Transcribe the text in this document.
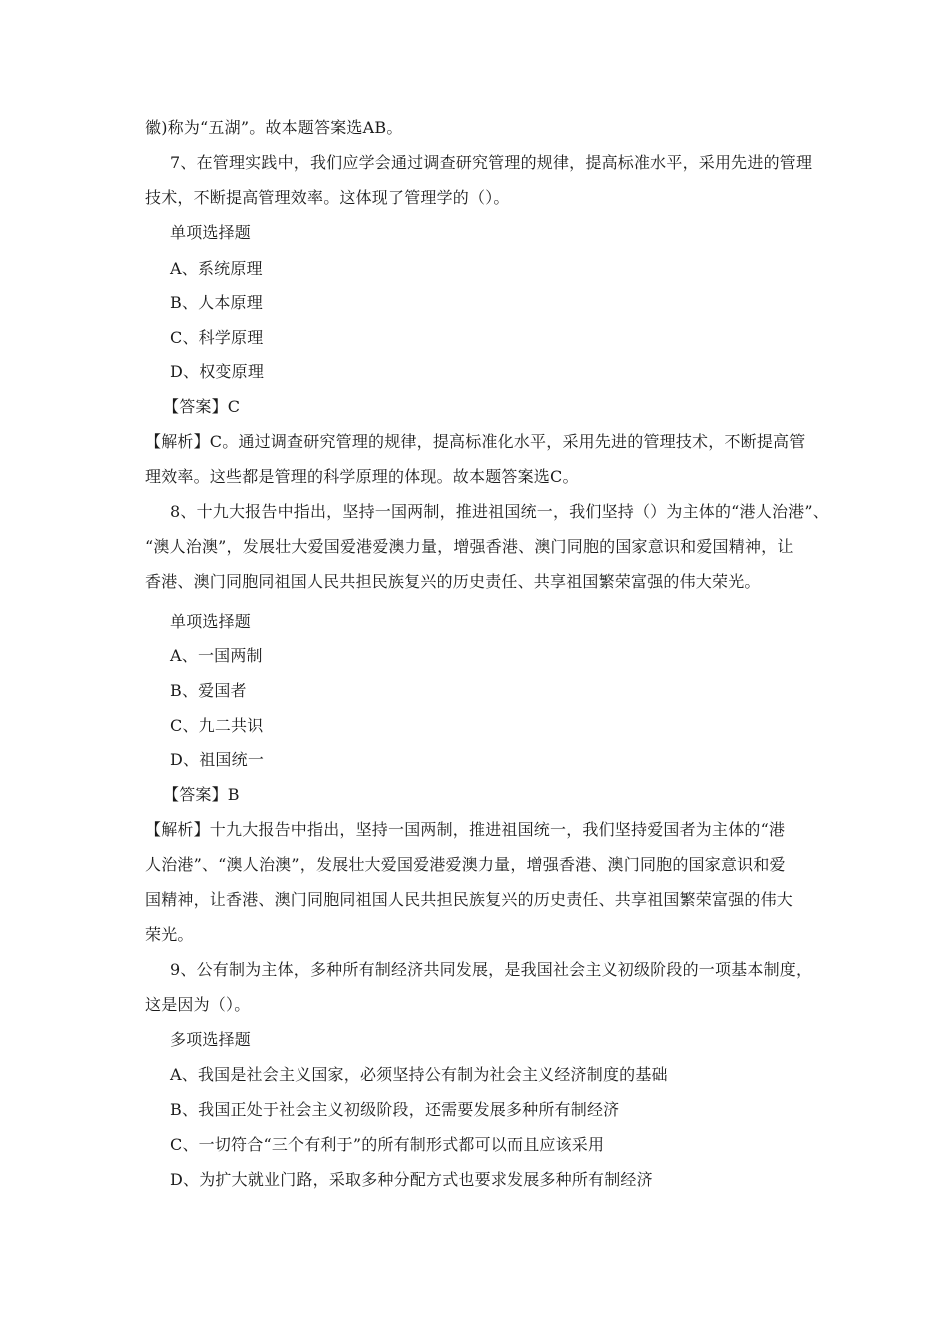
徽)称为“五湖”。故本题答案选AB。
7、在管理实践中，我们应学会通过调查研究管理的规律，提高标准水平，采用先进的管理
技术，不断提高管理效率。这体现了管理学的（）。
单项选择题
A、系统原理
B、人本原理
C、科学原理
D、权变原理
【答案】C
【解析】C。通过调查研究管理的规律，提高标准化水平，采用先进的管理技术，不断提高管
理效率。这些都是管理的科学原理的体现。故本题答案选C。
8、十九大报告中指出，坚持一国两制，推进祖国统一，我们坚持（）为主体的“港人治港”、
“澳人治澳”，发展壮大爱国爱港爱澳力量，增强香港、澳门同胞的国家意识和爱国精神，让
香港、澳门同胞同祖国人民共担民族复兴的历史责任、共享祖国繁荣富强的伟大荣光。
单项选择题
A、一国两制
B、爱国者
C、九二共识
D、祖国统一
【答案】B
【解析】十九大报告中指出，坚持一国两制，推进祖国统一，我们坚持爱国者为主体的“港
人治港”、“澳人治澳”，发展壮大爱国爱港爱澳力量，增强香港、澳门同胞的国家意识和爱
国精神，让香港、澳门同胞同祖国人民共担民族复兴的历史责任、共享祖国繁荣富强的伟大
荣光。
9、公有制为主体，多种所有制经济共同发展，是我国社会主义初级阶段的一项基本制度，
这是因为（）。
多项选择题
A、我国是社会主义国家，必须坚持公有制为社会主义经济制度的基础
B、我国正处于社会主义初级阶段，还需要发展多种所有制经济
C、一切符合“三个有利于”的所有制形式都可以而且应该采用
D、为扩大就业门路，采取多种分配方式也要求发展多种所有制经济
